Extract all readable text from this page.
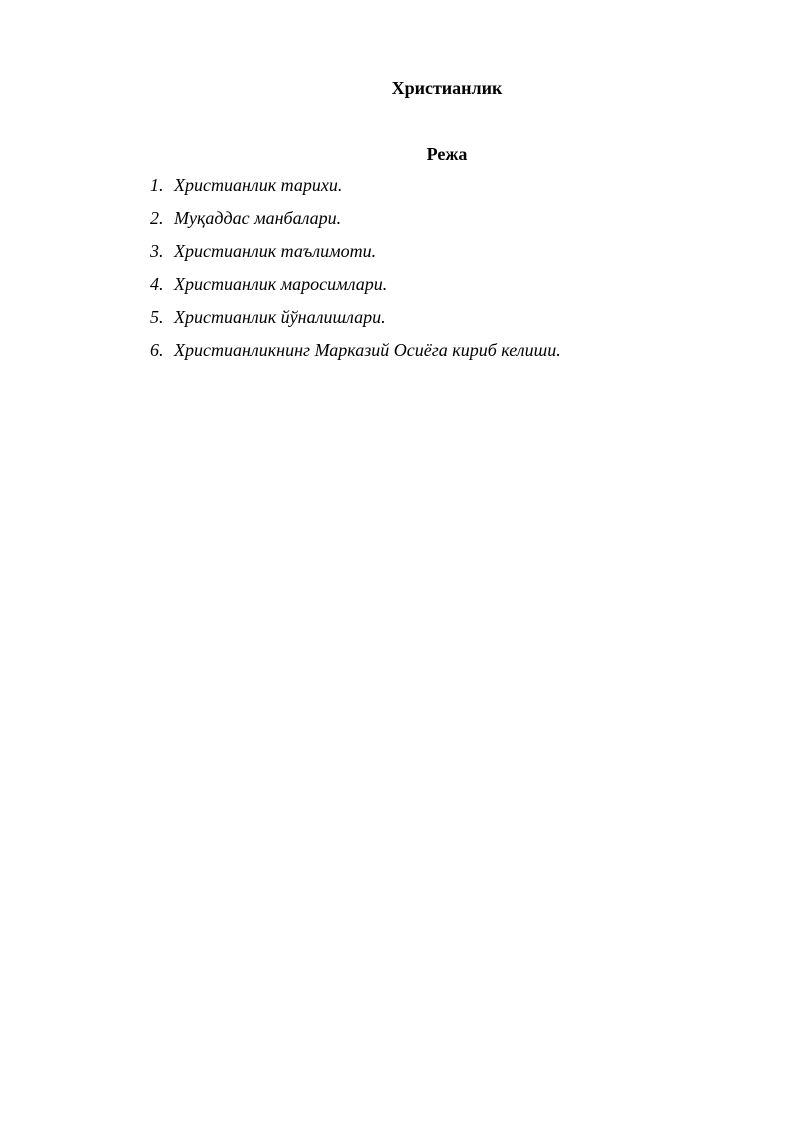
Христианлик
Режа
1. Христианлик тарихи.
2. Муқаддас манбалари.
3. Христианлик таълимоти.
4. Христианлик маросимлари.
5. Христианлик йўналишлари.
6. Христианликнинг Марказий Осиёга кириб келиши.
